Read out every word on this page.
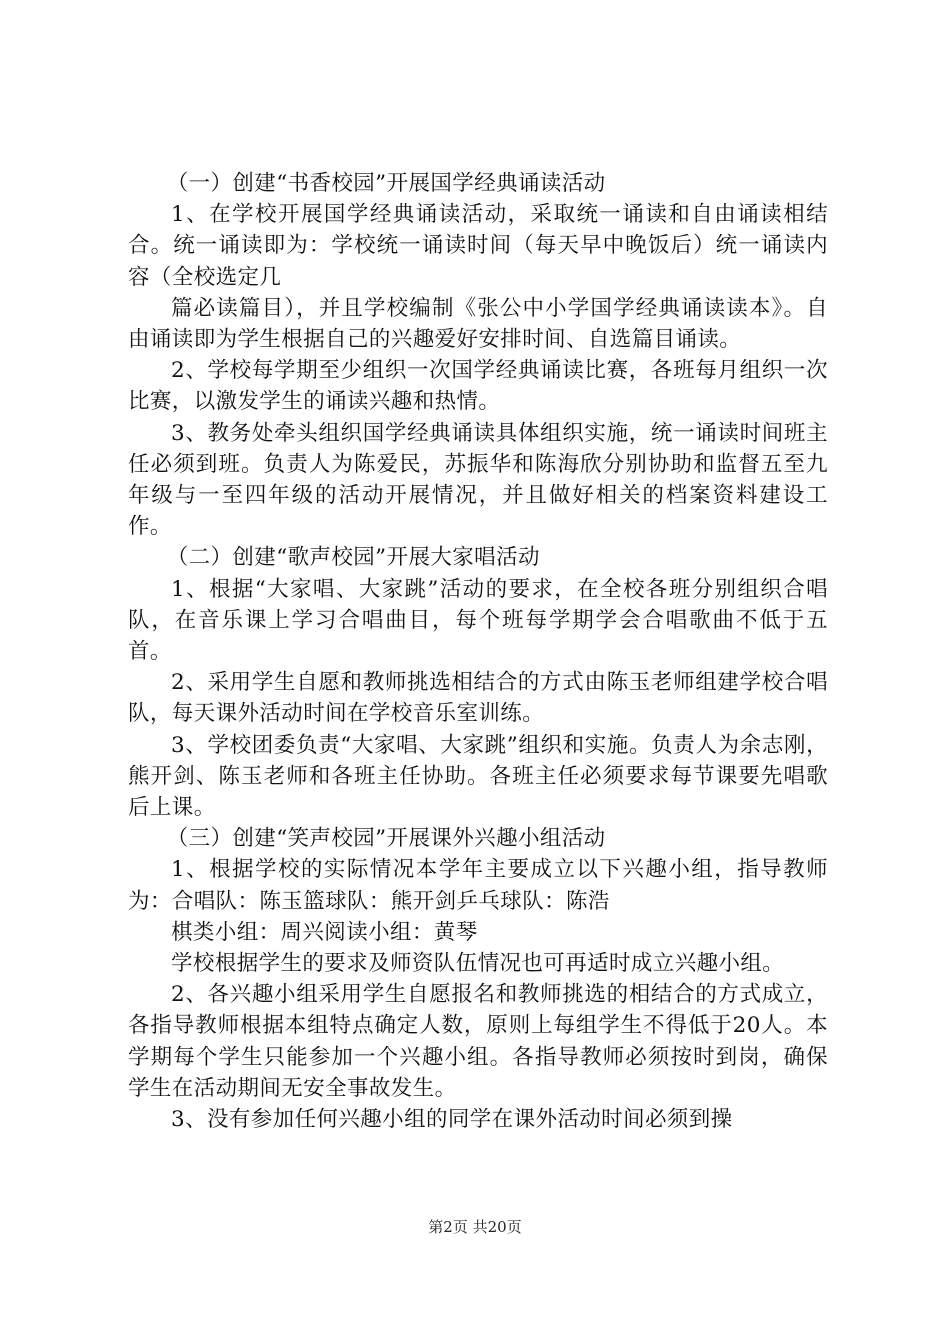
（一）创建“书香校园”开展国学经典诵读活动

1、在学校开展国学经典诵读活动，采取统一诵读和自由诵读相结合。统一诵读即为：学校统一诵读时间（每天早中晚饭后）统一诵读内容（全校选定几

篇必读篇目），并且学校编制《张公中小学国学经典诵读读本》。自由诵读即为学生根据自己的兴趣爱好安排时间、自选篇目诵读。

2、学校每学期至少组织一次国学经典诵读比赛，各班每月组织一次比赛，以激发学生的诵读兴趣和热情。

3、教务处牵头组织国学经典诵读具体组织实施，统一诵读时间班主任必须到班。负责人为陈爱民，苏振华和陈海欣分别协助和监督五至九年级与一至四年级的活动开展情况，并且做好相关的档案资料建设工作。

（二）创建“歌声校园”开展大家唱活动

1、根据“大家唱、大家跳”活动的要求，在全校各班分别组织合唱队，在音乐课上学习合唱曲目，每个班每学期学会合唱歌曲不低于五首。

2、采用学生自愿和教师挑选相结合的方式由陈玉老师组建学校合唱队，每天课外活动时间在学校音乐室训练。

3、学校团委负责“大家唱、大家跳”组织和实施。负责人为余志刚，熊开剑、陈玉老师和各班主任协助。各班主任必须要求每节课要先唱歌后上课。

（三）创建“笑声校园”开展课外兴趣小组活动

1、根据学校的实际情况本学年主要成立以下兴趣小组，指导教师为：合唱队：陈玉篮球队：熊开剑乒乓球队：陈浩

棋类小组：周兴阅读小组：黄琴

学校根据学生的要求及师资队伍情况也可再适时成立兴趣小组。

2、各兴趣小组采用学生自愿报名和教师挑选的相结合的方式成立，各指导教师根据本组特点确定人数，原则上每组学生不得低于20人。本学期每个学生只能参加一个兴趣小组。各指导教师必须按时到岗，确保学生在活动期间无安全事故发生。

3、没有参加任何兴趣小组的同学在课外活动时间必须到操

第2页 共20页
